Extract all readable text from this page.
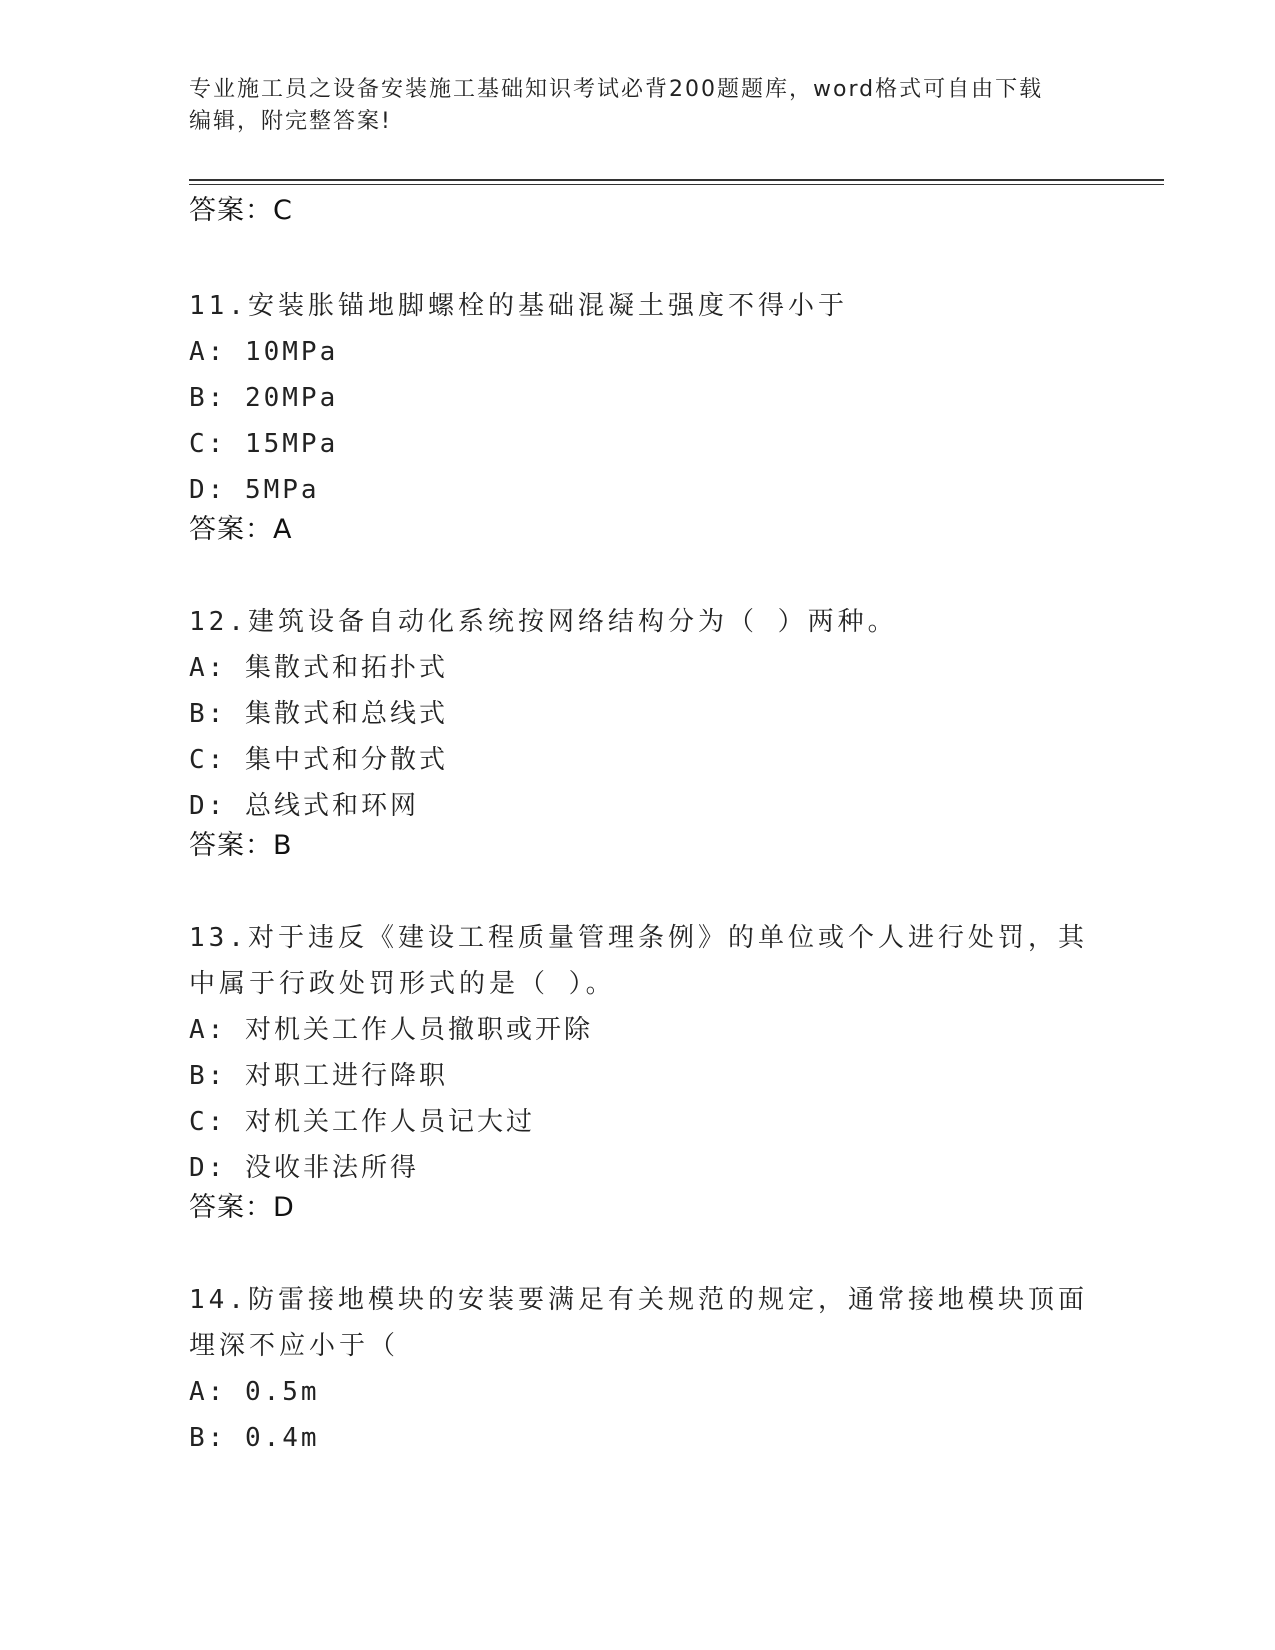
专业施工员之设备安装施工基础知识考试必背200题题库，word格式可自由下载
编辑，附完整答案!
答案：C
11.安装胀锚地脚螺栓的基础混凝土强度不得小于
A: 10MPa
B: 20MPa
C: 15MPa
D: 5MPa
答案：A
12.建筑设备自动化系统按网络结构分为（ ）两种。
A: 集散式和拓扑式
B: 集散式和总线式
C: 集中式和分散式
D: 总线式和环网
答案：B
13.对于违反《建设工程质量管理条例》的单位或个人进行处罚，其中属于行政处罚形式的是（ ）。
A: 对机关工作人员撤职或开除
B: 对职工进行降职
C: 对机关工作人员记大过
D: 没收非法所得
答案：D
14.防雷接地模块的安装要满足有关规范的规定，通常接地模块顶面埋深不应小于（
A: 0.5m
B: 0.4m
